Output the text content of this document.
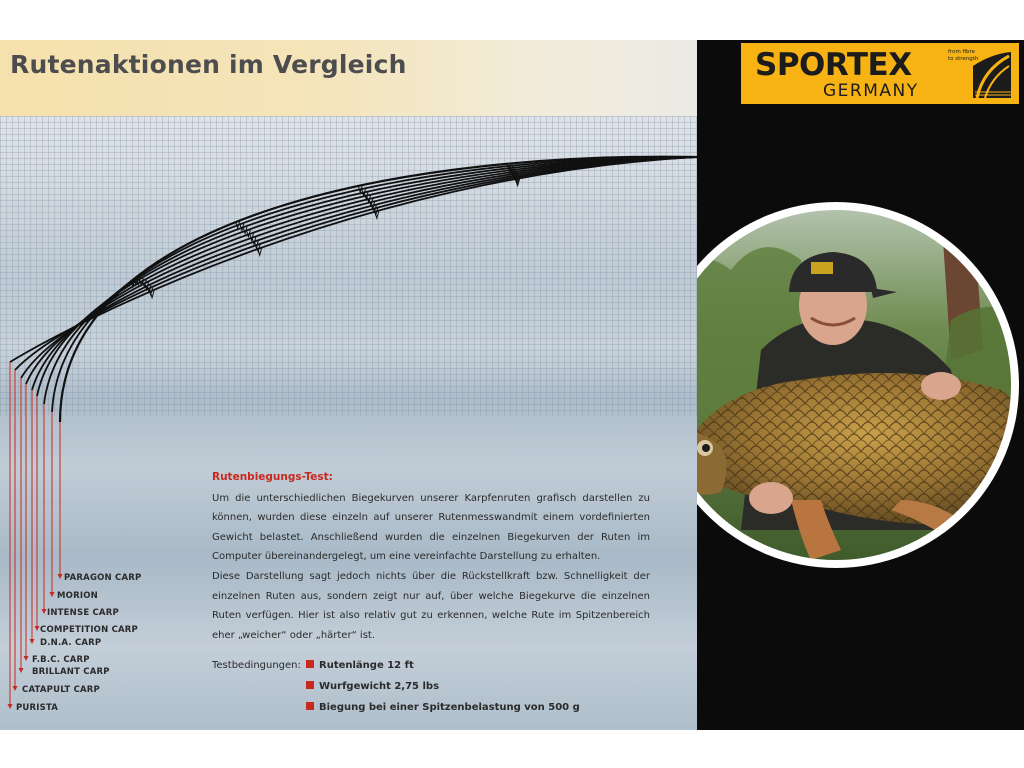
Rutenaktionen im Vergleich
PARAGON CARP
MORION
INTENSE CARP
COMPETITION CARP
D.N.A. CARP
F.B.C. CARP
BRILLANT CARP
CATAPULT CARP
PURISTA

Rutenbiegungs-Test:

Um die unterschiedlichen Biegekurven unserer Karpfenruten grafisch darstellen zu können, wurden diese einzeln auf unserer Rutenmesswandmit einem vordefinierten Gewicht belastet. Anschließend wurden die einzelnen Biegekurven der Ruten im Computer übereinandergelegt, um eine vereinfachte Darstellung zu erhalten.

Diese Darstellung sagt jedoch nichts über die Rückstellkraft bzw. Schnelligkeit der einzelnen Ruten aus, sondern zeigt nur auf, über welche Biegekurve die einzelnen Ruten verfügen. Hier ist also relativ gut zu erkennen, welche Rute im Spitzenbereich eher „weicher“ oder „härter“ ist.

Testbedingungen:	Rutenlänge 12 ft
Wurfgewicht 2,75 lbs
Biegung bei einer Spitzenbelastung von 500 g
SPORTEX
GERMANY
from fibre
to strength
